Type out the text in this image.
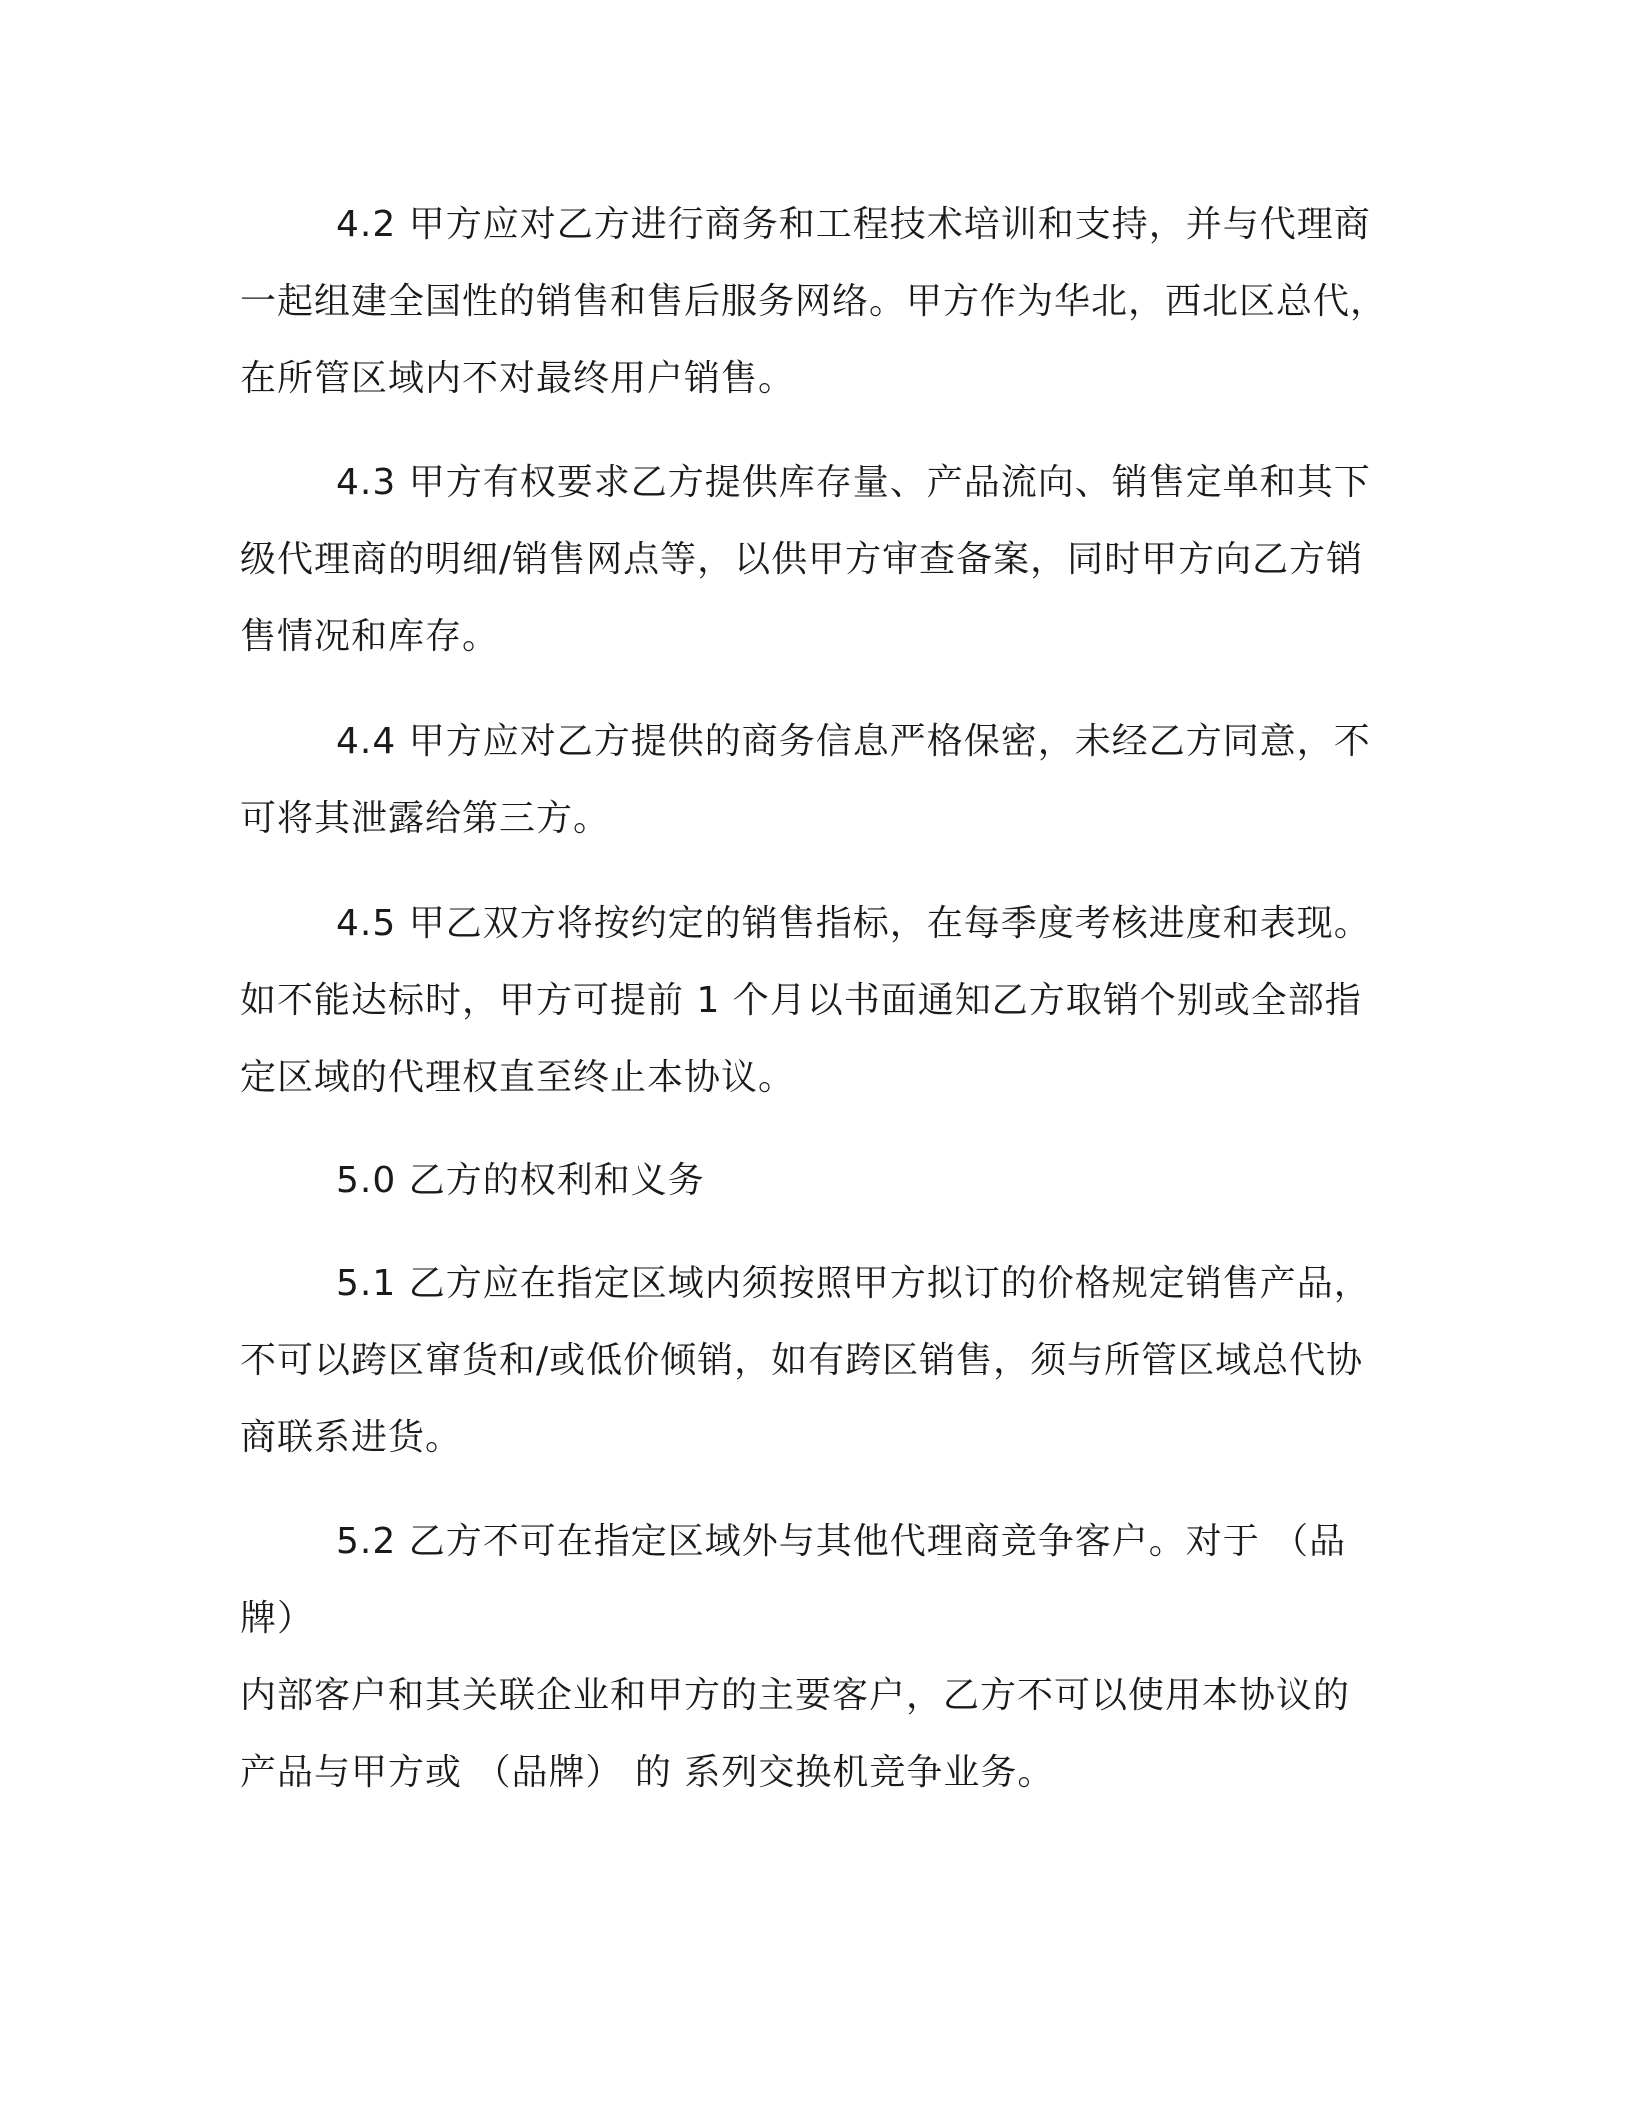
4.2 甲方应对乙方进行商务和工程技术培训和支持，并与代理商
一起组建全国性的销售和售后服务网络。甲方作为华北，西北区总代，
在所管区域内不对最终用户销售。

4.3 甲方有权要求乙方提供库存量、产品流向、销售定单和其下
级代理商的明细/销售网点等，以供甲方审查备案，同时甲方向乙方销
售情况和库存。

4.4 甲方应对乙方提供的商务信息严格保密，未经乙方同意，不
可将其泄露给第三方。

4.5 甲乙双方将按约定的销售指标，在每季度考核进度和表现。
如不能达标时，甲方可提前 1 个月以书面通知乙方取销个别或全部指
定区域的代理权直至终止本协议。

5.0 乙方的权利和义务

5.1 乙方应在指定区域内须按照甲方拟订的价格规定销售产品，
不可以跨区窜货和/或低价倾销，如有跨区销售，须与所管区域总代协
商联系进货。

5.2 乙方不可在指定区域外与其他代理商竞争客户。对于 （品牌）
内部客户和其关联企业和甲方的主要客户，乙方不可以使用本协议的
产品与甲方或 （品牌） 的 系列交换机竞争业务。
